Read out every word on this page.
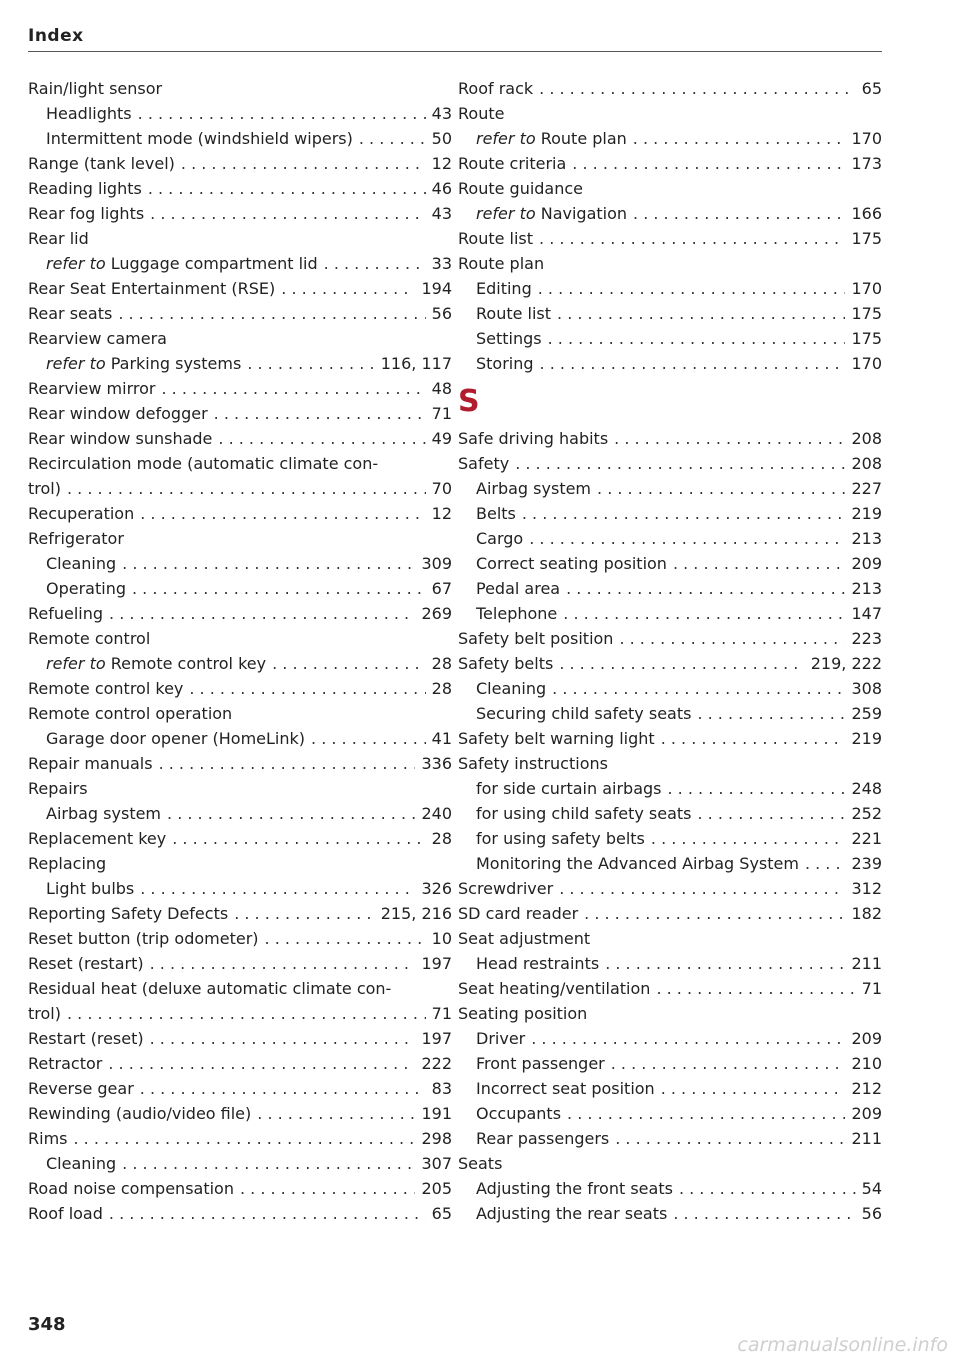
Index
Rain/light sensor
Headlights . . .	43
Intermittent mode (windshield wipers) . . .	50
Range (tank level) . . .	12
Reading lights . . .	46
Rear fog lights . . .	43
Rear lid
refer to Luggage compartment lid . . .	33
Rear Seat Entertainment (RSE) . . .	194
Rear seats . . .	56
Rearview camera
refer to Parking systems . . .	116, 117
Rearview mirror . . .	48
Rear window defogger . . .	71
Rear window sunshade . . .	49
Recirculation mode (automatic climate con-
trol) . . .	70
Recuperation . . .	12
Refrigerator
Cleaning . . .	309
Operating . . .	67
Refueling . . .	269
Remote control
refer to Remote control key . . .	28
Remote control key . . .	28
Remote control operation
Garage door opener (HomeLink) . . .	41
Repair manuals . . .	336
Repairs
Airbag system . . .	240
Replacement key . . .	28
Replacing
Light bulbs . . .	326
Reporting Safety Defects . . .	215, 216
Reset button (trip odometer) . . .	10
Reset (restart) . . .	197
Residual heat (deluxe automatic climate con-
trol) . . .	71
Restart (reset) . . .	197
Retractor . . .	222
Reverse gear . . .	83
Rewinding (audio/video file) . . .	191
Rims . . .	298
Cleaning . . .	307
Road noise compensation . . .	205
Roof load . . .	65
Roof rack . . .	65
Route
refer to Route plan . . .	170
Route criteria . . .	173
Route guidance
refer to Navigation . . .	166
Route list . . .	175
Route plan
Editing . . .	170
Route list . . .	175
Settings . . .	175
Storing . . .	170
S
Safe driving habits . . .	208
Safety . . .	208
Airbag system . . .	227
Belts . . .	219
Cargo . . .	213
Correct seating position . . .	209
Pedal area . . .	213
Telephone . . .	147
Safety belt position . . .	223
Safety belts . . .	219, 222
Cleaning . . .	308
Securing child safety seats . . .	259
Safety belt warning light . . .	219
Safety instructions
for side curtain airbags . . .	248
for using child safety seats . . .	252
for using safety belts . . .	221
Monitoring the Advanced Airbag System . . .	239
Screwdriver . . .	312
SD card reader . . .	182
Seat adjustment
Head restraints . . .	211
Seat heating/ventilation . . .	71
Seating position
Driver . . .	209
Front passenger . . .	210
Incorrect seat position . . .	212
Occupants . . .	209
Rear passengers . . .	211
Seats
Adjusting the front seats . . .	54
Adjusting the rear seats . . .	56
348
carmanualsonline.info
